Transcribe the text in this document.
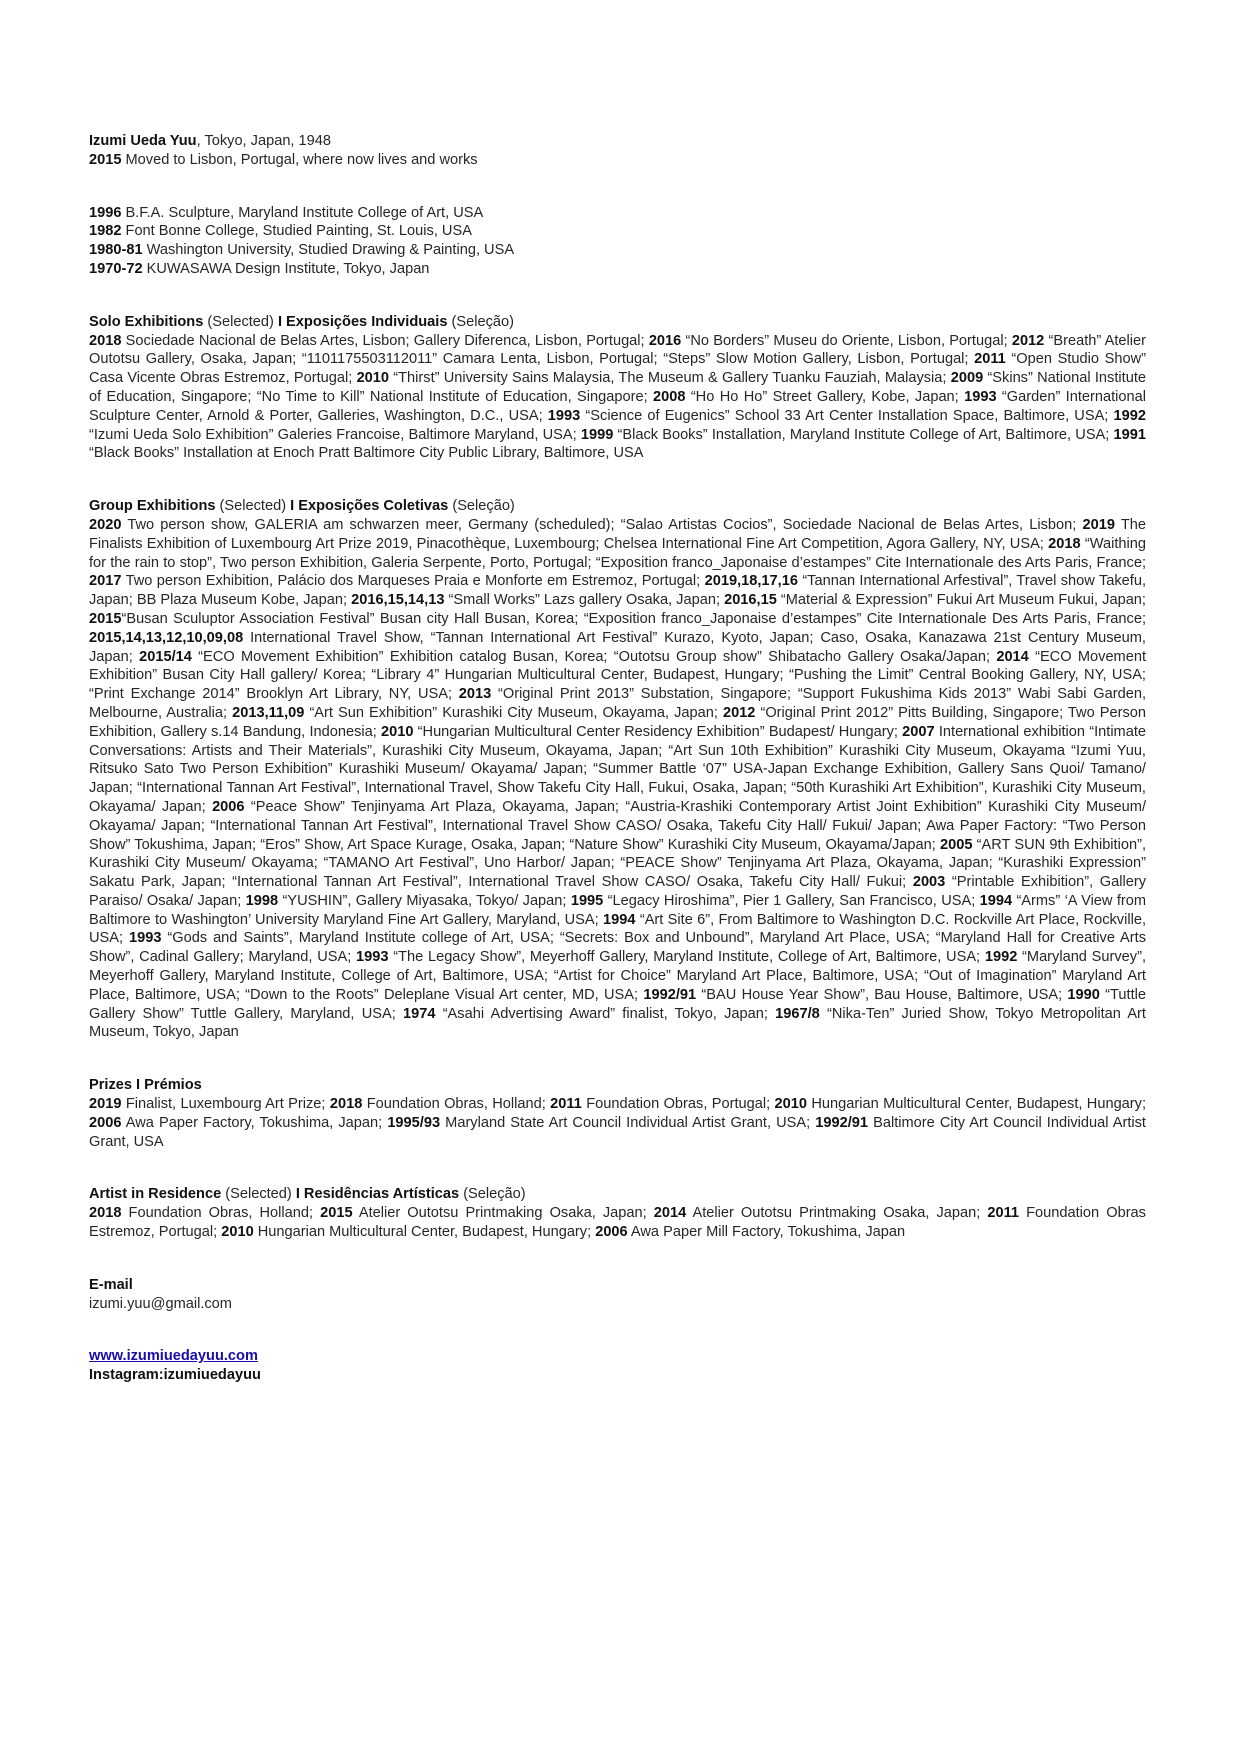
Izumi Ueda Yuu, Tokyo, Japan, 1948
2015 Moved to Lisbon, Portugal, where now lives and works
1996 B.F.A. Sculpture, Maryland Institute College of Art, USA
1982 Font Bonne College, Studied Painting, St. Louis, USA
1980-81 Washington University, Studied Drawing & Painting, USA
1970-72 KUWASAWA Design Institute, Tokyo, Japan
Solo Exhibitions (Selected) I Exposições Individuais (Seleção)
2018 Sociedade Nacional de Belas Artes, Lisbon; Gallery Diferenca, Lisbon, Portugal; 2016 “No Borders” Museu do Oriente, Lisbon, Portugal; 2012 “Breath” Atelier Outotsu Gallery, Osaka, Japan; “1101175503112011” Camara Lenta, Lisbon, Portugal; “Steps” Slow Motion Gallery, Lisbon, Portugal; 2011 “Open Studio Show” Casa Vicente Obras Estremoz, Portugal; 2010 “Thirst” University Sains Malaysia, The Museum & Gallery Tuanku Fauziah, Malaysia; 2009 “Skins” National Institute of Education, Singapore; “No Time to Kill” National Institute of Education, Singapore; 2008 “Ho Ho Ho” Street Gallery, Kobe, Japan; 1993 “Garden” International Sculpture Center, Arnold & Porter, Galleries, Washington, D.C., USA; 1993 “Science of Eugenics” School 33 Art Center Installation Space, Baltimore, USA; 1992 “Izumi Ueda Solo Exhibition” Galeries Francoise, Baltimore Maryland, USA; 1999 “Black Books” Installation, Maryland Institute College of Art, Baltimore, USA; 1991 “Black Books” Installation at Enoch Pratt Baltimore City Public Library, Baltimore, USA
Group Exhibitions (Selected) I Exposições Coletivas (Seleção)
2020 Two person show, GALERIA am schwarzen meer, Germany (scheduled); “Salao Artistas Cocios”, Sociedade Nacional de Belas Artes, Lisbon; 2019 The Finalists Exhibition of Luxembourg Art Prize 2019, Pinacothèque, Luxembourg; Chelsea International Fine Art Competition, Agora Gallery, NY, USA; 2018 “Waithing for the rain to stop”, Two person Exhibition, Galeria Serpente, Porto, Portugal; “Exposition franco_Japonaise d’estampes” Cite Internationale des Arts Paris, France; 2017 Two person Exhibition, Palácio dos Marqueses Praia e Monforte em Estremoz, Portugal; 2019,18,17,16 “Tannan International Arfestival”, Travel show Takefu, Japan; BB Plaza Museum Kobe, Japan; 2016,15,14,13 “Small Works” Lazs gallery Osaka, Japan; 2016,15 “Material & Expression” Fukui Art Museum Fukui, Japan; 2015“Busan Sculuptor Association Festival” Busan city Hall Busan, Korea; “Exposition franco_Japonaise d’estampes” Cite Internationale Des Arts Paris, France; 2015,14,13,12,10,09,08 International Travel Show, “Tannan International Art Festival” Kurazo, Kyoto, Japan; Caso, Osaka, Kanazawa 21st Century Museum, Japan; 2015/14 “ECO Movement Exhibition” Exhibition catalog Busan, Korea; “Outotsu Group show” Shibatacho Gallery Osaka/Japan; 2014 “ECO Movement Exhibition” Busan City Hall gallery/ Korea; “Library 4” Hungarian Multicultural Center, Budapest, Hungary; “Pushing the Limit” Central Booking Gallery, NY, USA; “Print Exchange 2014” Brooklyn Art Library, NY, USA; 2013 “Original Print 2013” Substation, Singapore; “Support Fukushima Kids 2013” Wabi Sabi Garden, Melbourne, Australia; 2013,11,09 “Art Sun Exhibition” Kurashiki City Museum, Okayama, Japan; 2012 “Original Print 2012” Pitts Building, Singapore; Two Person Exhibition, Gallery s.14 Bandung, Indonesia; 2010 “Hungarian Multicultural Center Residency Exhibition” Budapest/ Hungary; 2007 International exhibition “Intimate Conversations: Artists and Their Materials”, Kurashiki City Museum, Okayama, Japan; “Art Sun 10th Exhibition” Kurashiki City Museum, Okayama “Izumi Yuu, Ritsuko Sato Two Person Exhibition” Kurashiki Museum/ Okayama/ Japan; “Summer Battle ‘07” USA-Japan Exchange Exhibition, Gallery Sans Quoi/ Tamano/ Japan; “International Tannan Art Festival”, International Travel, Show Takefu City Hall, Fukui, Osaka, Japan; “50th Kurashiki Art Exhibition”, Kurashiki City Museum, Okayama/ Japan; 2006 “Peace Show” Tenjinyama Art Plaza, Okayama, Japan; “Austria-Krashiki Contemporary Artist Joint Exhibition” Kurashiki City Museum/ Okayama/ Japan; “International Tannan Art Festival”, International Travel Show CASO/ Osaka, Takefu City Hall/ Fukui/ Japan; Awa Paper Factory: “Two Person Show” Tokushima, Japan; “Eros” Show, Art Space Kurage, Osaka, Japan; “Nature Show” Kurashiki City Museum, Okayama/Japan; 2005 “ART SUN 9th Exhibition”, Kurashiki City Museum/ Okayama; “TAMANO Art Festival”, Uno Harbor/ Japan; “PEACE Show” Tenjinyama Art Plaza, Okayama, Japan; “Kurashiki Expression” Sakatu Park, Japan; “International Tannan Art Festival”, International Travel Show CASO/ Osaka, Takefu City Hall/ Fukui; 2003 “Printable Exhibition”, Gallery Paraiso/ Osaka/ Japan; 1998 “YUSHIN”, Gallery Miyasaka, Tokyo/ Japan; 1995 “Legacy Hiroshima”, Pier 1 Gallery, San Francisco, USA; 1994 “Arms” ‘A View from Baltimore to Washington’ University Maryland Fine Art Gallery, Maryland, USA; 1994 “Art Site 6”, From Baltimore to Washington D.C. Rockville Art Place, Rockville, USA; 1993 “Gods and Saints”, Maryland Institute college of Art, USA; “Secrets: Box and Unbound”, Maryland Art Place, USA; “Maryland Hall for Creative Arts Show”, Cadinal Gallery; Maryland, USA; 1993 “The Legacy Show”, Meyerhoff Gallery, Maryland Institute, College of Art, Baltimore, USA; 1992 “Maryland Survey”, Meyerhoff Gallery, Maryland Institute, College of Art, Baltimore, USA; “Artist for Choice” Maryland Art Place, Baltimore, USA; “Out of Imagination” Maryland Art Place, Baltimore, USA; “Down to the Roots” Deleplane Visual Art center, MD, USA; 1992/91 “BAU House Year Show”, Bau House, Baltimore, USA; 1990 “Tuttle Gallery Show” Tuttle Gallery, Maryland, USA; 1974 “Asahi Advertising Award” finalist, Tokyo, Japan; 1967/8 “Nika-Ten” Juried Show, Tokyo Metropolitan Art Museum, Tokyo, Japan
Prizes I Prémios
2019 Finalist, Luxembourg Art Prize; 2018 Foundation Obras, Holland; 2011 Foundation Obras, Portugal; 2010 Hungarian Multicultural Center, Budapest, Hungary; 2006 Awa Paper Factory, Tokushima, Japan; 1995/93 Maryland State Art Council Individual Artist Grant, USA; 1992/91 Baltimore City Art Council Individual Artist Grant, USA
Artist in Residence (Selected) I Residências Artísticas (Seleção)
2018 Foundation Obras, Holland; 2015 Atelier Outotsu Printmaking Osaka, Japan; 2014 Atelier Outotsu Printmaking Osaka, Japan; 2011 Foundation Obras Estremoz, Portugal; 2010 Hungarian Multicultural Center, Budapest, Hungary; 2006 Awa Paper Mill Factory, Tokushima, Japan
E-mail
izumi.yuu@gmail.com
www.izumiuedayuu.com
Instagram:izumiuedayuu
